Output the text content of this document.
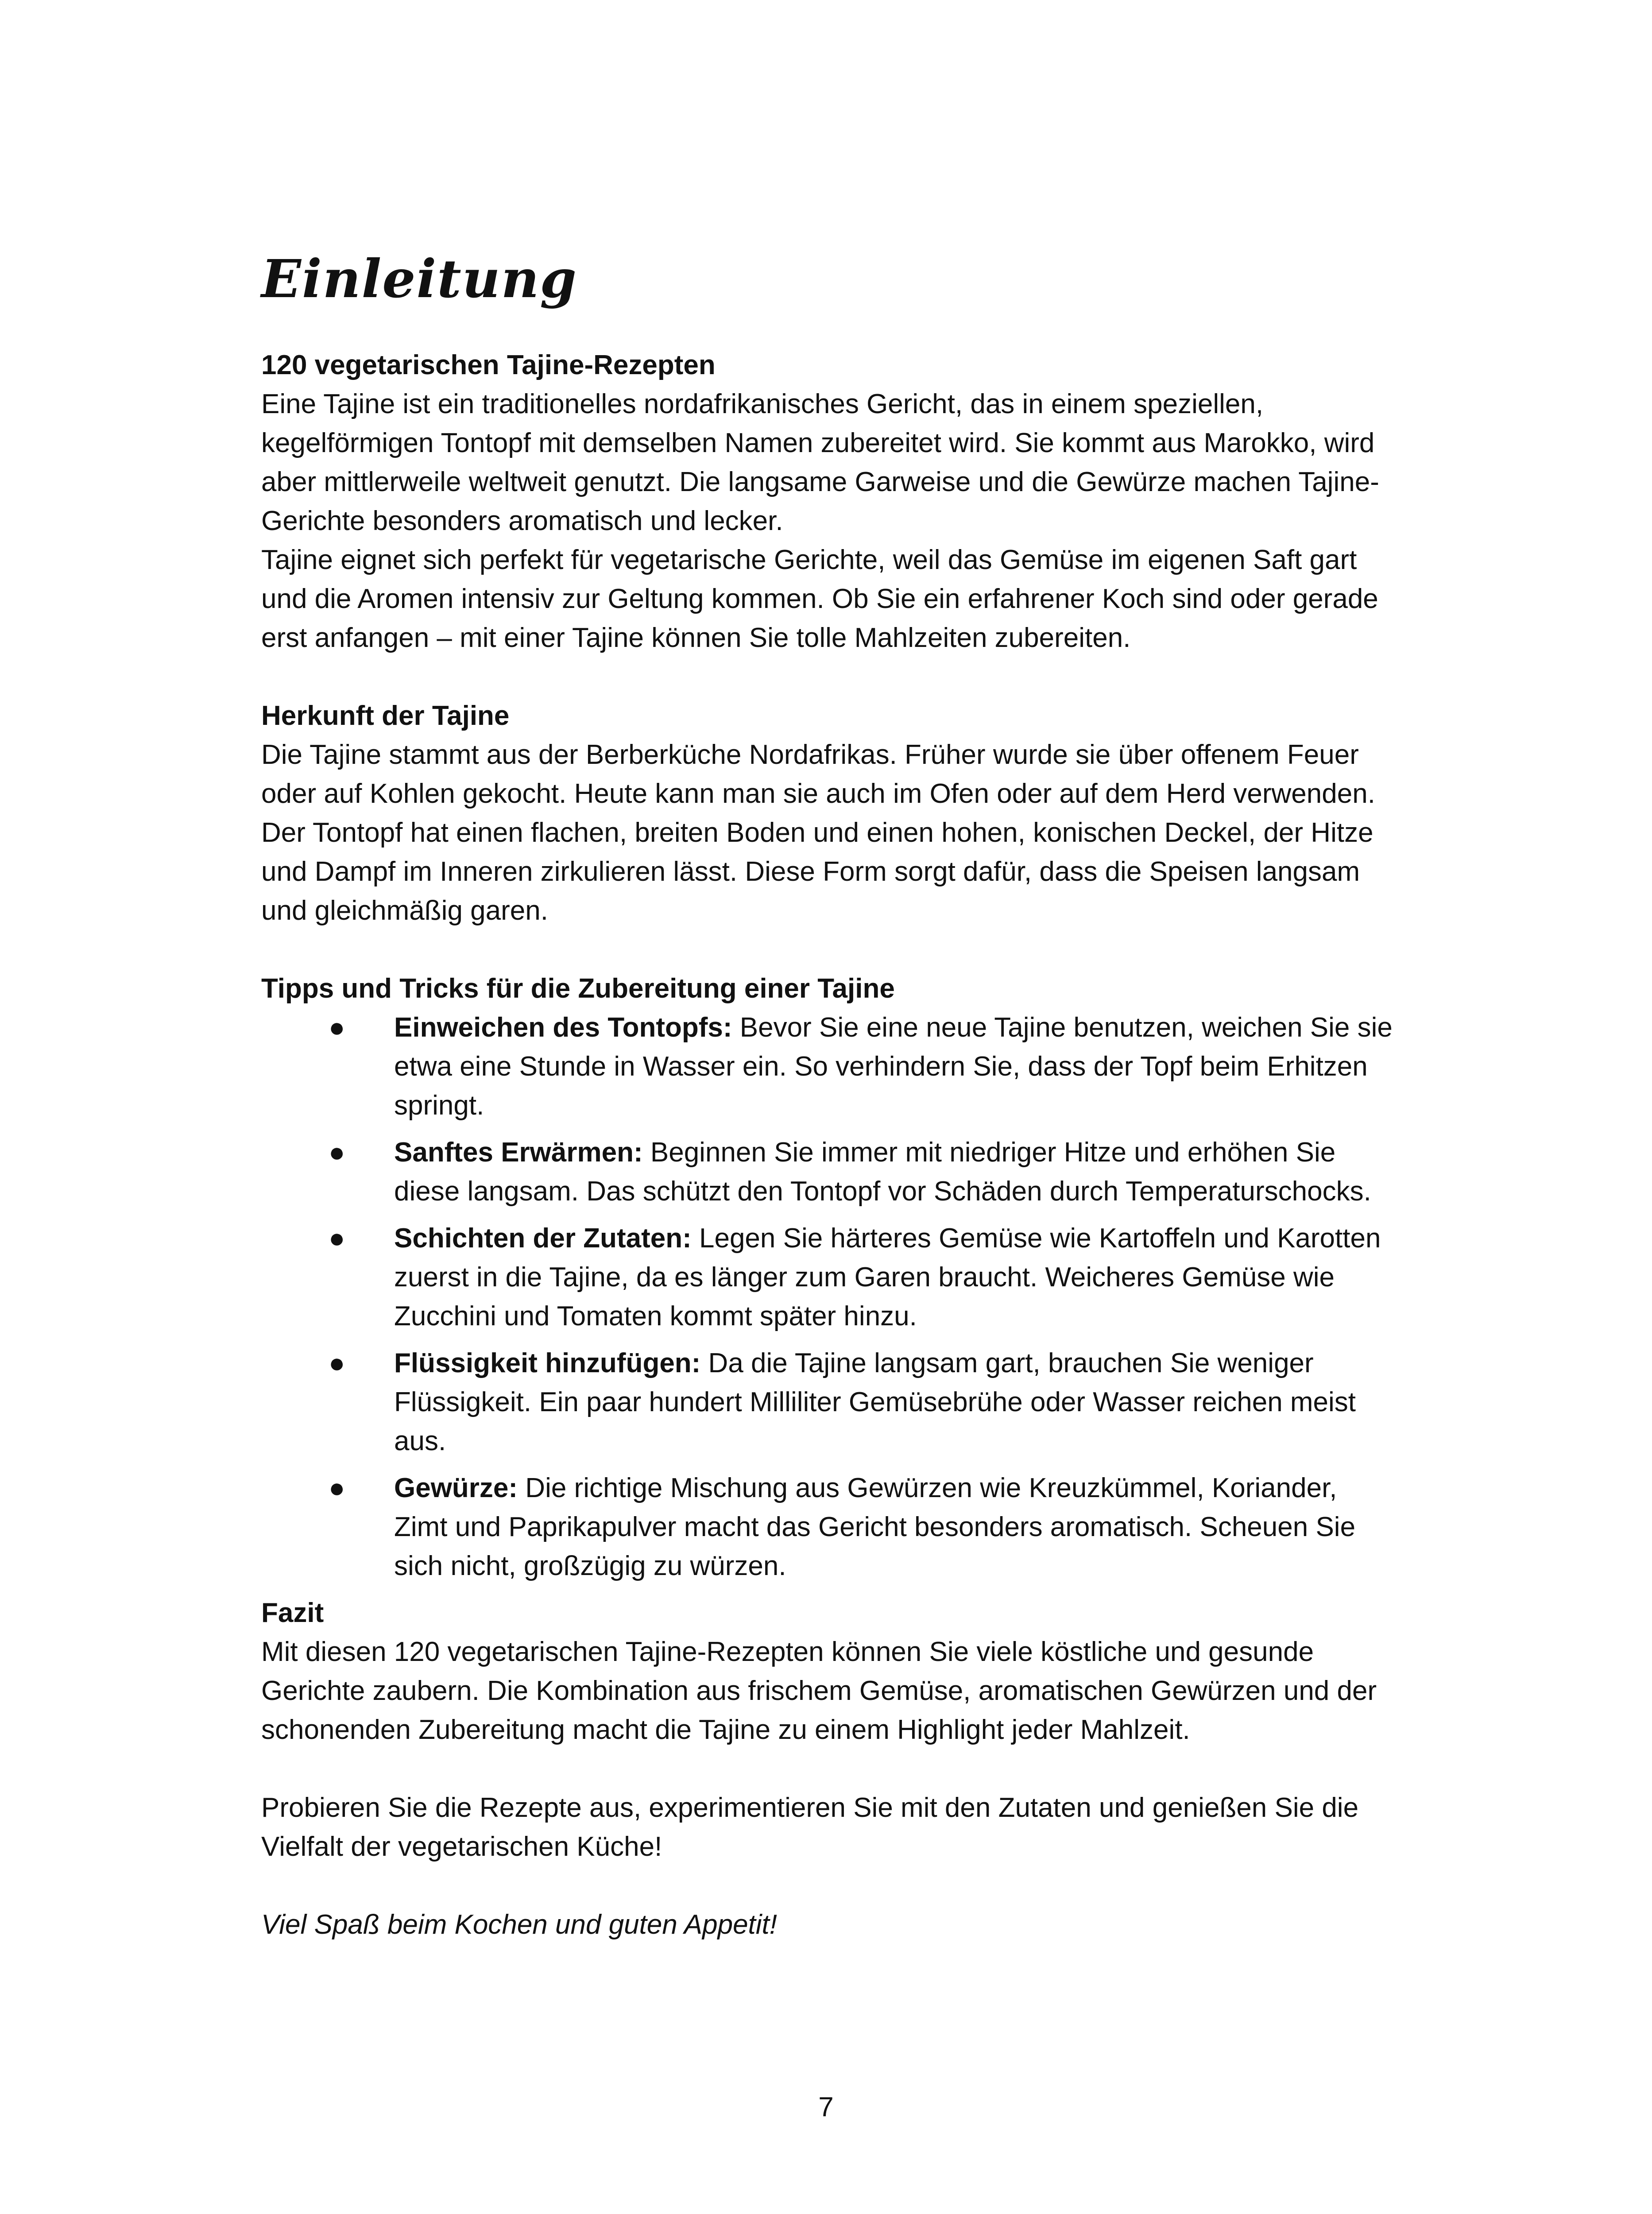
Einleitung

120 vegetarischen Tajine-Rezepten

Eine Tajine ist ein traditionelles nordafrikanisches Gericht, das in einem speziellen, kegelförmigen Tontopf mit demselben Namen zubereitet wird. Sie kommt aus Marokko, wird aber mittlerweile weltweit genutzt. Die langsame Garweise und die Gewürze machen Tajine-Gerichte besonders aromatisch und lecker.

Tajine eignet sich perfekt für vegetarische Gerichte, weil das Gemüse im eigenen Saft gart und die Aromen intensiv zur Geltung kommen. Ob Sie ein erfahrener Koch sind oder gerade erst anfangen – mit einer Tajine können Sie tolle Mahlzeiten zubereiten.

Herkunft der Tajine

Die Tajine stammt aus der Berberküche Nordafrikas. Früher wurde sie über offenem Feuer oder auf Kohlen gekocht. Heute kann man sie auch im Ofen oder auf dem Herd verwenden. Der Tontopf hat einen flachen, breiten Boden und einen hohen, konischen Deckel, der Hitze und Dampf im Inneren zirkulieren lässt. Diese Form sorgt dafür, dass die Speisen langsam und gleichmäßig garen.

Tipps und Tricks für die Zubereitung einer Tajine

● Einweichen des Tontopfs: Bevor Sie eine neue Tajine benutzen, weichen Sie sie etwa eine Stunde in Wasser ein. So verhindern Sie, dass der Topf beim Erhitzen springt.
● Sanftes Erwärmen: Beginnen Sie immer mit niedriger Hitze und erhöhen Sie diese langsam. Das schützt den Tontopf vor Schäden durch Temperaturschocks.
● Schichten der Zutaten: Legen Sie härteres Gemüse wie Kartoffeln und Karotten zuerst in die Tajine, da es länger zum Garen braucht. Weicheres Gemüse wie Zucchini und Tomaten kommt später hinzu.
● Flüssigkeit hinzufügen: Da die Tajine langsam gart, brauchen Sie weniger Flüssigkeit. Ein paar hundert Milliliter Gemüsebrühe oder Wasser reichen meist aus.
● Gewürze: Die richtige Mischung aus Gewürzen wie Kreuzkümmel, Koriander, Zimt und Paprikapulver macht das Gericht besonders aromatisch. Scheuen Sie sich nicht, großzügig zu würzen.

Fazit

Mit diesen 120 vegetarischen Tajine-Rezepten können Sie viele köstliche und gesunde Gerichte zaubern. Die Kombination aus frischem Gemüse, aromatischen Gewürzen und der schonenden Zubereitung macht die Tajine zu einem Highlight jeder Mahlzeit.

Probieren Sie die Rezepte aus, experimentieren Sie mit den Zutaten und genießen Sie die Vielfalt der vegetarischen Küche!

Viel Spaß beim Kochen und guten Appetit!

7
